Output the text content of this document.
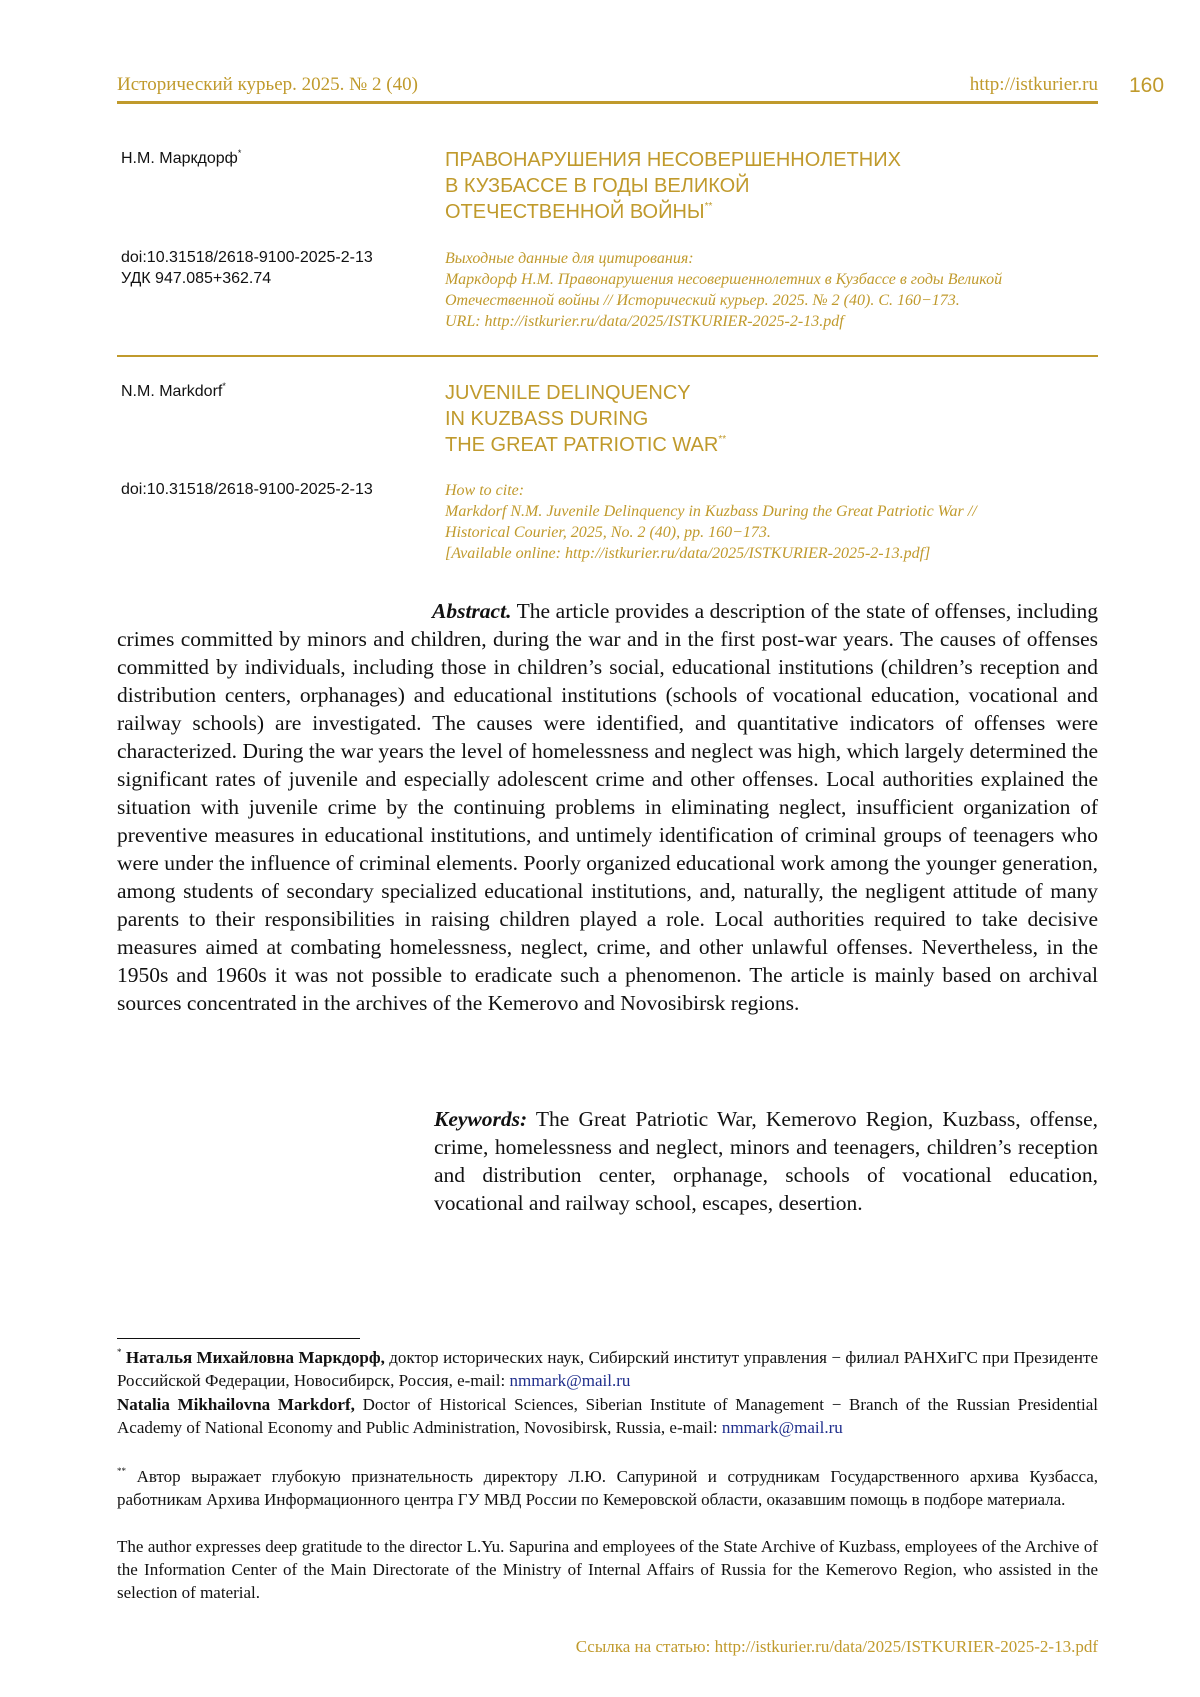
Исторический курьер. 2025. № 2 (40)	http://istkurier.ru 160
Н.М. Маркдорф*	ПРАВОНАРУШЕНИЯ НЕСОВЕРШЕННОЛЕТНИХ
В КУЗБАССЕ В ГОДЫ ВЕЛИКОЙ
ОТЕЧЕСТВЕННОЙ ВОЙНЫ**
doi:10.31518/2618-9100-2025-2-13
УДК 947.085+362.74
Выходные данные для цитирования:
Маркдорф Н.М. Правонарушения несовершеннолетних в Кузбассе в годы Великой
Отечественной войны // Исторический курьер. 2025. № 2 (40). С. 160−173.
URL: http://istkurier.ru/data/2025/ISTKURIER-2025-2-13.pdf
N.M. Markdorf*	JUVENILE DELINQUENCY
IN KUZBASS DURING
THE GREAT PATRIOTIC WAR**
doi:10.31518/2618-9100-2025-2-13	How to cite:
Markdorf N.M. Juvenile Delinquency in Kuzbass During the Great Patriotic War //
Historical Courier, 2025, No. 2 (40), pp. 160−173.
[Available online: http://istkurier.ru/data/2025/ISTKURIER-2025-2-13.pdf]
Abstract. The article provides a description of the state of offenses, including crimes committed by minors and children, during the war and in the first post-war years. The causes of offenses committed by individuals, including those in children’s social, educational institutions (children’s reception and distribution centers, orphanages) and educational institutions (schools of vocational education, vocational and railway schools) are investigated. The causes were identified, and quantitative indicators of offenses were characterized. During the war years the level of homelessness and neglect was high, which largely determined the significant rates of juvenile and especially adolescent crime and other offenses. Local authorities explained the situation with juvenile crime by the continuing problems in eliminating neglect, insufficient organization of preventive measures in educational institutions, and untimely identification of criminal groups of teenagers who were under the influence of criminal elements. Poorly organized educational work among the younger generation, among students of secondary specialized educational institutions, and, naturally, the negligent attitude of many parents to their responsibilities in raising children played a role. Local authorities required to take decisive measures aimed at combating homeless­ness, neglect, crime, and other unlawful offenses. Nevertheless, in the 1950s and 1960s it was not possible to eradicate such a phenomenon. The article is mainly based on archival sources concen­trated in the archives of the Kemerovo and Novosibirsk regions.
Keywords: The Great Patriotic War, Kemerovo Region, Kuzbass, offense, crime, homelessness and neglect, minors and teenagers, children’s reception and distribution center, orphanage, schools of vocational education, vocational and railway school, escapes, desertion.
* Наталья Михайловна Маркдорф, доктор исторических наук, Сибирский институт управления − филиал РАНХиГС при Президенте Российской Федерации, Новосибирск, Россия, e-mail: nmmark@mail.ru
Natalia Mikhailovna Markdorf, Doctor of Historical Sciences, Siberian Institute of Management − Branch of the Russian Presidential Academy of National Economy and Public Administration, Novosibirsk, Russia, e-mail: nmmark@mail.ru
** Автор выражает глубокую признательность директору Л.Ю. Сапуриной и сотрудникам Государственного архива Кузбасса, работникам Архива Информационного центра ГУ МВД России по Кемеровской области, оказавшим помощь в подборе материала.
The author expresses deep gratitude to the director L.Yu. Sapurina and employees of the State Archive of Kuzbass, employees of the Archive of the Information Center of the Main Directorate of the Ministry of Internal Affairs of Russia for the Kemerovo Region, who assisted in the selection of material.
Ссылка на статью: http://istkurier.ru/data/2025/ISTKURIER-2025-2-13.pdf
